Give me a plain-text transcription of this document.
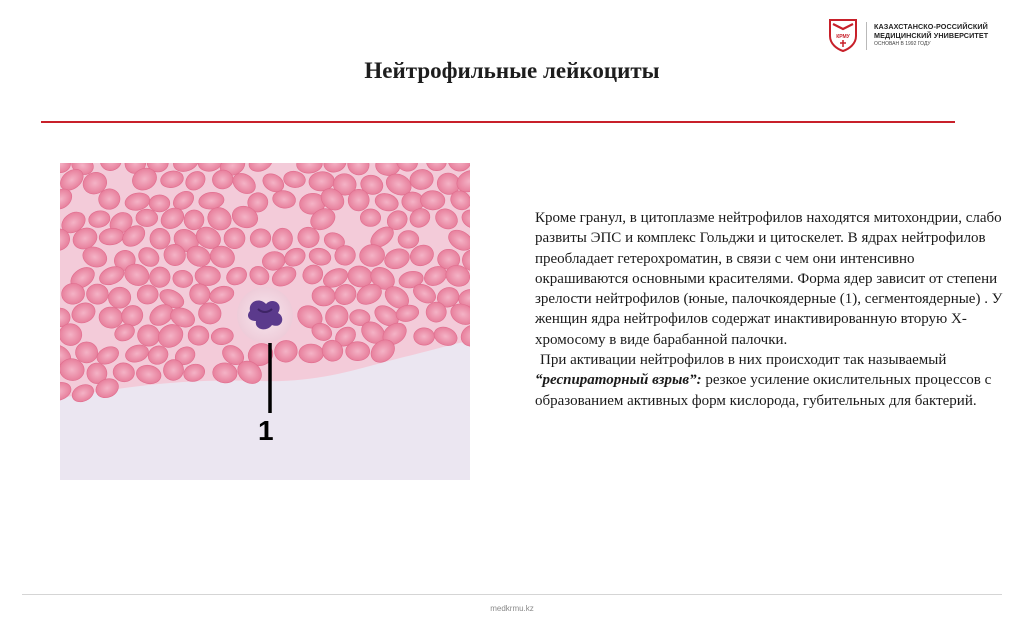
КРМУ
КАЗАХСТАНСКО-РОССИЙСКИЙ
МЕДИЦИНСКИЙ УНИВЕРСИТЕТ
ОСНОВАН В 1992 ГОДУ
Нейтрофильные лейкоциты
1

Кроме гранул, в цитоплазме нейтрофилов находятся митохондрии, слабо развиты ЭПС и комплекс Гольджи и цитоскелет. В ядрах нейтрофилов преобладает гетерохроматин, в связи с чем они интенсивно окрашиваются основными красителями. Форма ядер зависит от степени зрелости нейтрофилов (юные, палочкоядерные (1), сегментоядерные) . У женщин ядра нейтрофилов содержат инактивированную вторую Х-хромосому в виде барабанной палочки.

При активации нейтрофилов в них происходит так называемый “респираторный взрыв”: резкое усиление окислительных процессов с образованием активных форм кислорода, губительных для бактерий.

medkrmu.kz
